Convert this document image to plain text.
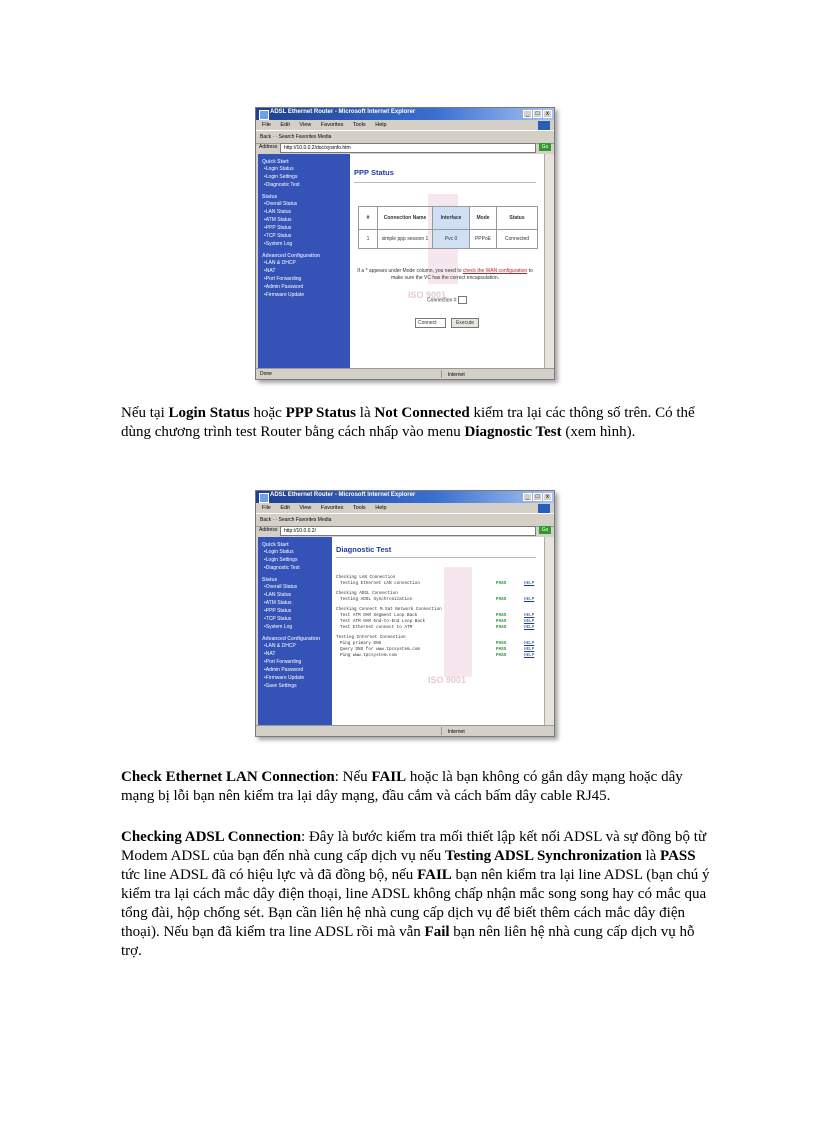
ADSL Ethernet Router - Microsoft Internet Explorer	_	□	x
File Edit View Favorites Tools Help
Back · · Search Favorites Media
Address	http://10.0.0.2/doc/sysinfo.htm	Go
Quick Start
• Login Status
• Login Settings
• Diagnostic Test
Status
• Overall Status
• LAN Status
• ATM Status
• PPP Status
• TCP Status
• System Log
Advanced Configuration
• LAN & DHCP
• NAT
• Port Forwarding
• Admin Password
• Firmware Update
PPP Status
#	Connection Name	Interface	Mode	Status
1	simple ppp session 1	Pvc 0	PPPoE	Connected
If a * appears under Mode column, you need to check the WAN configuration to make sure the VC has the correct encapsulation.
ISO 9001
Connection #
Connect	Execute
Done	Internet

Nếu tại Login Status hoặc PPP Status là Not Connected kiểm tra lại các thông số trên. Có thể dùng chương trình test Router bằng cách nhấp vào menu Diagnostic Test (xem hình).

ADSL Ethernet Router - Microsoft Internet Explorer	_	□	x
File Edit View Favorites Tools Help
Back · · Search Favorites Media
Address	http://10.0.0.2/	Go
Quick Start
• Login Status
• Login Settings
• Diagnostic Test
Status
• Overall Status
• LAN Status
• ATM Status
• PPP Status
• TCP Status
• System Log
Advanced Configuration
• LAN & DHCP
• NAT
• Port Forwarding
• Admin Password
• Firmware Update
• Save Settings
Diagnostic Test
Checking LAN Connection
Testing Ethernet LAN connection	PASS	HELP
Checking ADSL Connection
Testing ADSL Synchronization	PASS	HELP
Checking Connect M.Sat Network Connection
Test ATM OAM Segment Loop Back	PASS	HELP
Test ATM OAM End-to-End Loop Back	PASS	HELP
Test Ethernet connect to ATM	PASS	HELP
Testing Internet Connection
Ping primary DNS	PASS	HELP
Query DNS for www.tpcsystem.com	PASS	HELP
Ping www.tpcsystem.com	PASS	HELP
ISO 9001
Internet

Check Ethernet LAN Connection: Nếu FAIL hoặc là bạn không có gắn dây mạng hoặc dây mạng bị lỗi bạn nên kiểm tra lại dây mạng, đầu cắm và cách bấm dây cable RJ45.

Checking ADSL Connection: Đây là bước kiểm tra mối thiết lập kết nối ADSL và sự đồng bộ từ Modem ADSL của bạn đến nhà cung cấp dịch vụ nếu Testing ADSL Synchronization là PASS tức line ADSL đã có hiệu lực và đã đồng bộ, nếu FAIL bạn nên kiểm tra lại line ADSL (bạn chú ý kiểm tra lại cách mắc dây điện thoại, line ADSL không chấp nhận mắc song song hay có mắc qua tổng đài, hộp chống sét. Bạn cần liên hệ nhà cung cấp dịch vụ để biết thêm cách mắc dây điện thoại). Nếu bạn đã kiểm tra line ADSL rồi mà vẫn Fail bạn nên liên hệ nhà cung cấp dịch vụ hỗ trợ.
